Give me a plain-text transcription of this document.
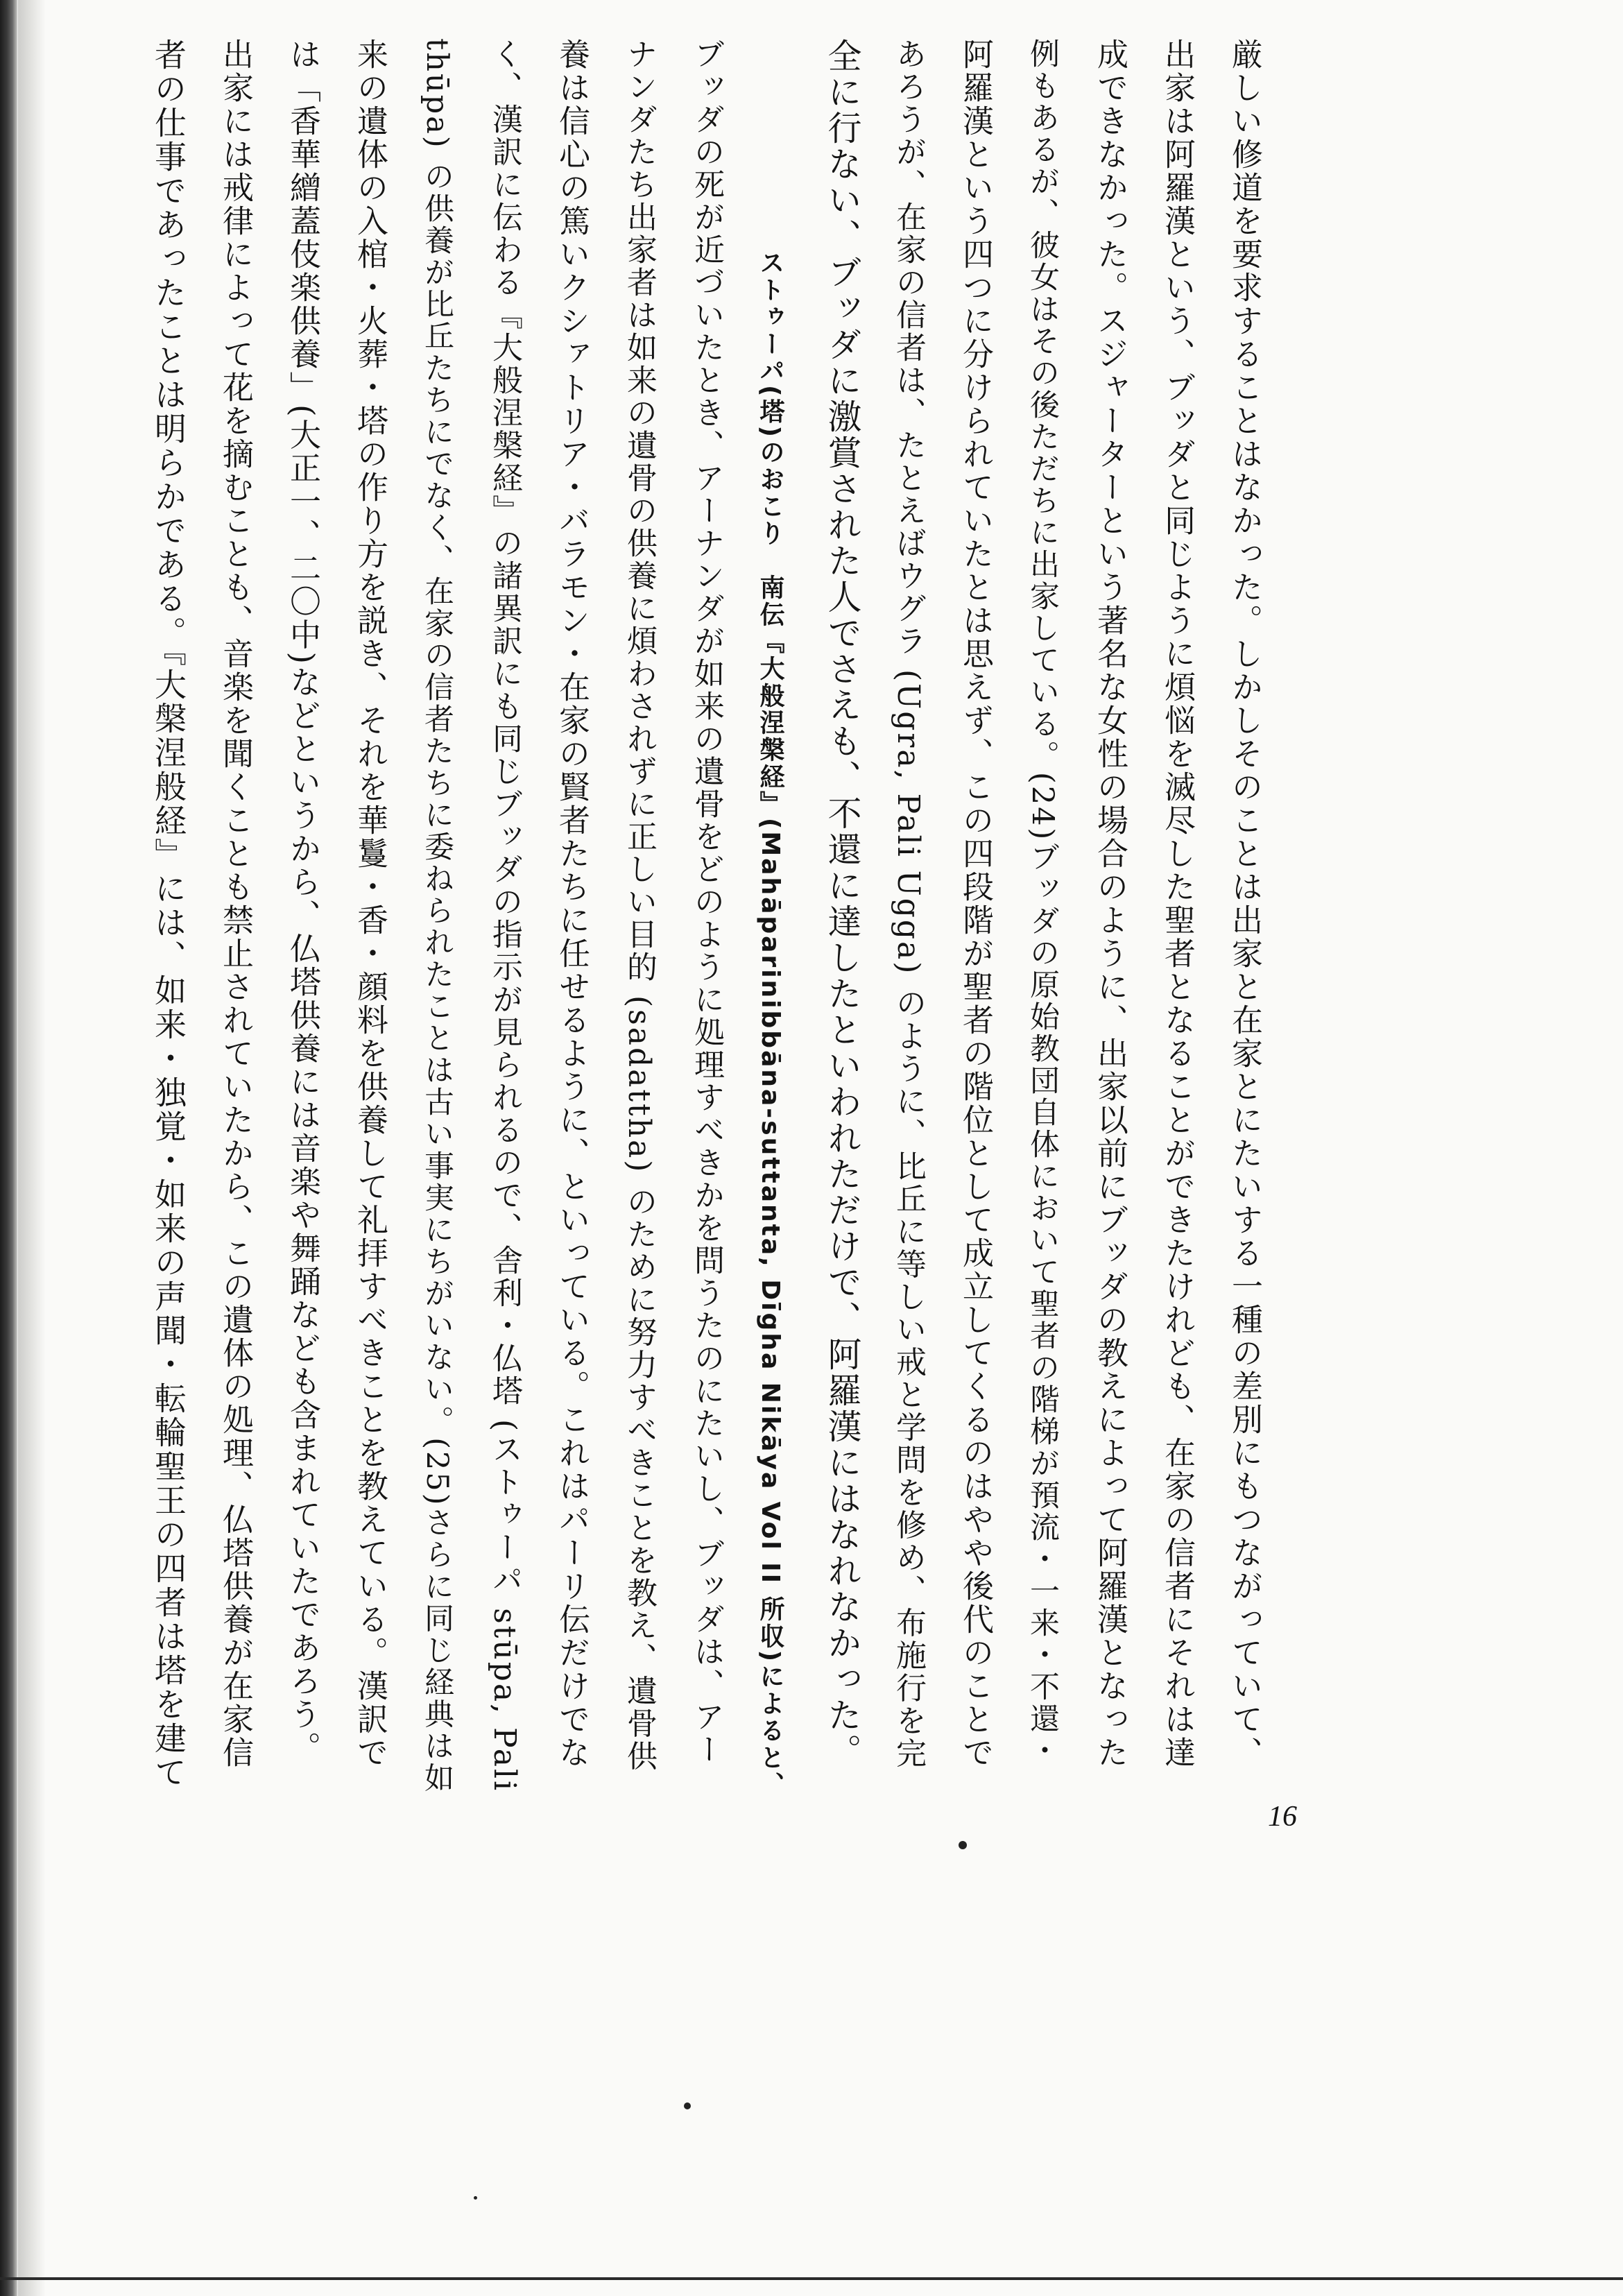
厳しい修道を要求することはなかった。しかしそのことは出家と在家とにたいする一種の差別にもつながっていて、
出家は阿羅漢という、ブッダと同じように煩悩を滅尽した聖者となることができたけれども、在家の信者にそれは達
成できなかった。スジャーターという著名な女性の場合のように、出家以前にブッダの教えによって阿羅漢となった
例もあるが、彼女はその後ただちに出家している。(24)ブッダの原始教団自体において聖者の階梯が預流・一来・不還・
阿羅漢という四つに分けられていたとは思えず、この四段階が聖者の階位として成立してくるのはやや後代のことで
あろうが、在家の信者は、たとえばウグラ (Ugra, Pali Ugga) のように、比丘に等しい戒と学問を修め、布施行を完
全に行ない、ブッダに激賞された人でさえも、不還に達したといわれただけで、阿羅漢にはなれなかった。
ストゥーパ(塔)のおこり　南伝『大般涅槃経』(Mahāparinibbāna-suttanta, Dīgha Nikāya Vol II 所収)によると、
ブッダの死が近づいたとき、アーナンダが如来の遺骨をどのように処理すべきかを問うたのにたいし、ブッダは、アー
ナンダたち出家者は如来の遺骨の供養に煩わされずに正しい目的 (sadattha) のために努力すべきことを教え、遺骨供
養は信心の篤いクシァトリア・バラモン・在家の賢者たちに任せるように、といっている。これはパーリ伝だけでな
く、漢訳に伝わる『大般涅槃経』の諸異訳にも同じブッダの指示が見られるので、舎利・仏塔 (ストゥーパ stūpa, Pali
thūpa) の供養が比丘たちにでなく、在家の信者たちに委ねられたことは古い事実にちがいない。(25)さらに同じ経典は如
来の遺体の入棺・火葬・塔の作り方を説き、それを華鬘・香・顔料を供養して礼拝すべきことを教えている。漢訳で
は「香華繒蓋伎楽供養」(大正一、二〇中)などというから、仏塔供養には音楽や舞踊なども含まれていたであろう。
出家には戒律によって花を摘むことも、音楽を聞くことも禁止されていたから、この遺体の処理、仏塔供養が在家信
者の仕事であったことは明らかである。『大槃涅般経』には、如来・独覚・如来の声聞・転輪聖王の四者は塔を建て
16
